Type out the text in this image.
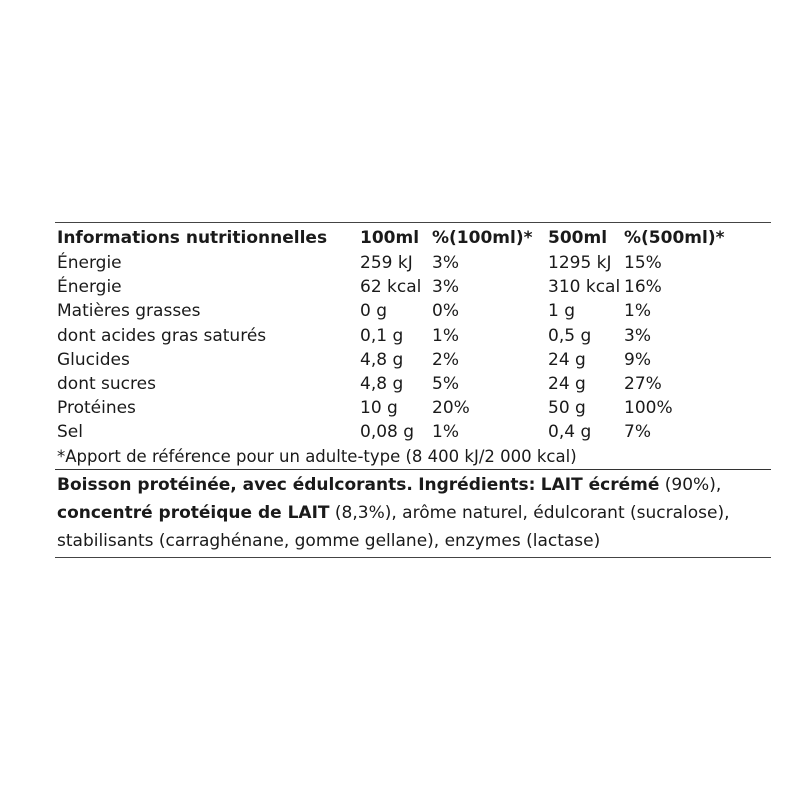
Informations nutritionnelles	100ml	%(100ml)*	500ml	%(500ml)*
Énergie	259 kJ	3%	1295 kJ	15%
Énergie	62 kcal	3%	310 kcal	16%
Matières grasses	0 g	0%	1 g	1%
dont acides gras saturés	0,1 g	1%	0,5 g	3%
Glucides	4,8 g	2%	24 g	9%
dont sucres	4,8 g	5%	24 g	27%
Protéines	10 g	20%	50 g	100%
Sel	0,08 g	1%	0,4 g	7%
*Apport de référence pour un adulte-type (8 400 kJ/2 000 kcal)
Boisson protéinée, avec édulcorants. Ingrédients: LAIT écrémé (90%), concentré protéique de LAIT (8,3%), arôme naturel, édulcorant (sucralose), stabilisants (carraghénane, gomme gellane), enzymes (lactase)
